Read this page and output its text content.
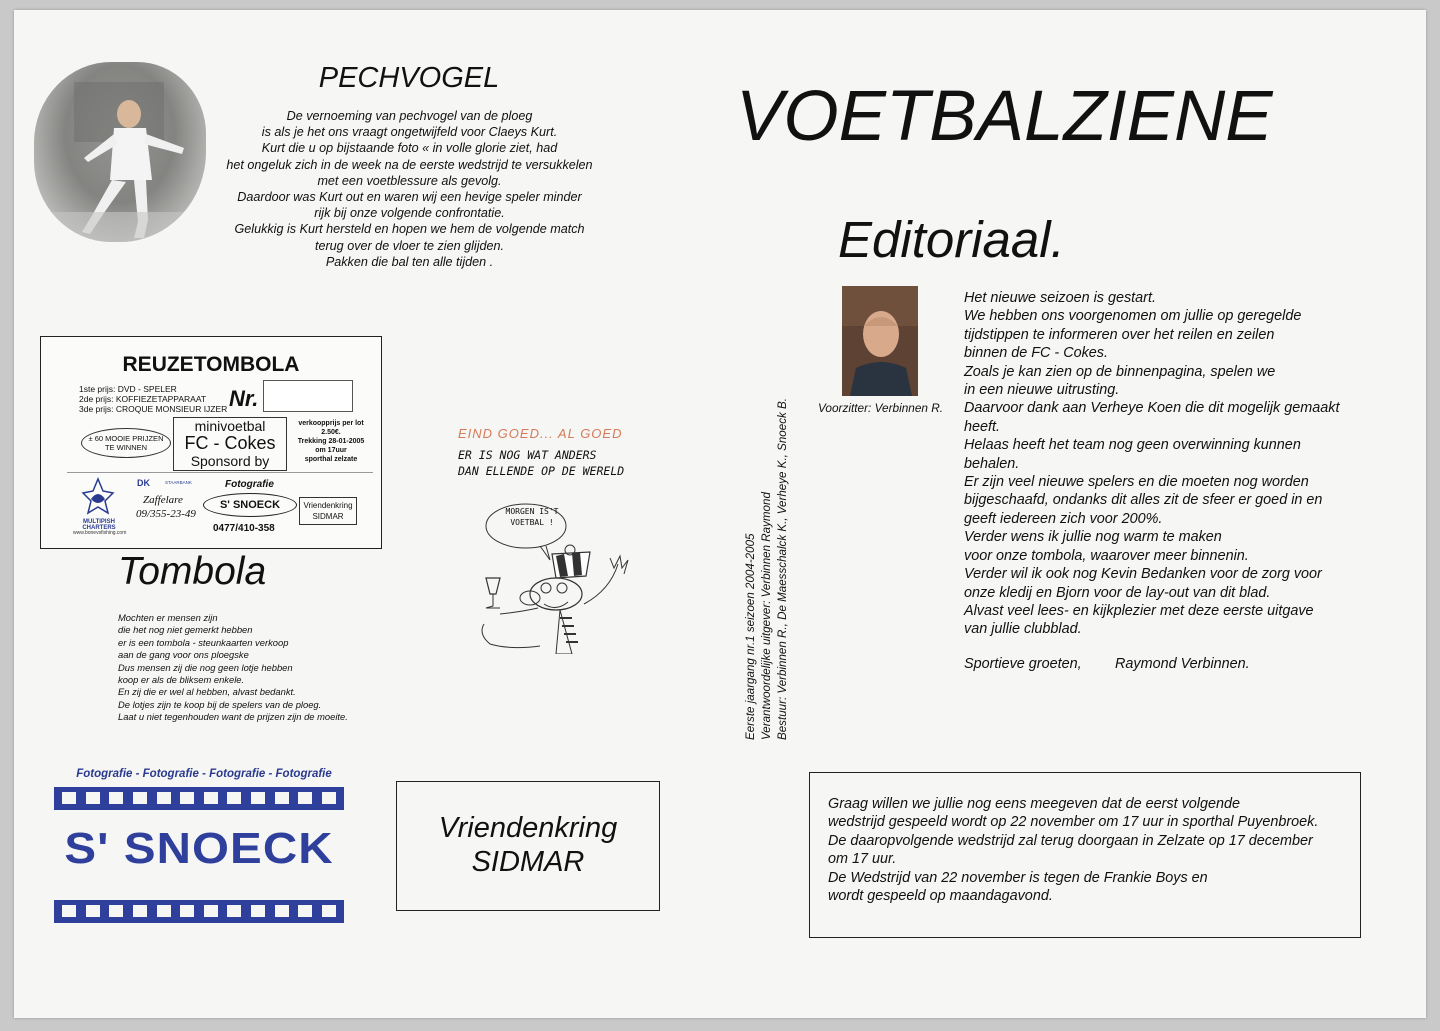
PECHVOGEL
De vernoeming van pechvogel van de ploeg
is als je het ons vraagt ongetwijfeld voor Claeys Kurt.
Kurt die u op bijstaande foto « in volle glorie ziet, had
het ongeluk zich in de week na de eerste wedstrijd te versukkelen
met een voetblessure als gevolg.
Daardoor was Kurt out en waren wij een hevige speler minder
rijk bij onze volgende confrontatie.
Gelukkig is Kurt hersteld en hopen we hem de volgende match
terug over de vloer te zien glijden.
Pakken die bal ten alle tijden .
REUZETOMBOLA
1ste prijs: DVD - SPELER
2de prijs: KOFFIEZETAPPARAAT
3de prijs: CROQUE MONSIEUR IJZER Nr.
± 60 MOOIE PRIJZEN
TE WINNEN
minivoetbal
FC - Cokes
Sponsord by
verkoopprijs per lot
2.50€.
Trekking 28-01-2005
om 17uur
sporthal zelzate
MULTIPISH
CHARTERS
www.bonevsfishing.com
DK	STAARBANK
Zaffelare
09/355-23-49
Fotografie
S' SNOECK
0477/410-358
Vriendenkring
SIDMAR
Tombola
Mochten er mensen zijn
die het nog niet gemerkt hebben
er is een tombola - steunkaarten verkoop
aan de gang voor ons ploegske
Dus mensen zij die nog geen lotje hebben
koop er als de bliksem enkele.
En zij die er wel al hebben, alvast bedankt.
De lotjes zijn te koop bij de spelers van de ploeg.
Laat u niet tegenhouden want de prijzen zijn de moeite.
EIND GOED... AL GOED
ER IS NOG WAT ANDERS
DAN ELLENDE OP DE WERELD
MORGEN IS'T
VOETBAL !
Fotografie - Fotografie - Fotografie - Fotografie
S' SNOECK	Vriendenkring
SIDMAR
VOETBALZIENE
Editoriaal.
Voorzitter: Verbinnen R.
Eerste jaargang nr.1 seizoen 2004-2005 Verantwoordelijke uitgever: Verbinnen Raymond Bestuur: Verbinnen R., De Maesschalck K., Verheye K., Snoeck B.
Het nieuwe seizoen is gestart.
We hebben ons voorgenomen om jullie op geregelde
tijdstippen te informeren over het reilen en zeilen
binnen de FC - Cokes.
Zoals je kan zien op de binnenpagina, spelen we
in een nieuwe uitrusting.
Daarvoor dank aan Verheye Koen die dit mogelijk gemaakt
heeft.
Helaas heeft het team nog geen overwinning kunnen
behalen.
Er zijn veel nieuwe spelers en die moeten nog worden
bijgeschaafd, ondanks dit alles zit de sfeer er goed in en
geeft iedereen zich voor 200%.
Verder wens ik jullie nog warm te maken
voor onze tombola, waarover meer binnenin.
Verder wil ik ook nog Kevin Bedanken voor de zorg voor
onze kledij en Bjorn voor de lay-out van dit blad.
Alvast veel lees- en kijkplezier met deze eerste uitgave
van jullie clubblad.
Sportieve groeten, Raymond Verbinnen.
Graag willen we jullie nog eens meegeven dat de eerst volgende
wedstrijd gespeeld wordt op 22 november om 17 uur in sporthal Puyenbroek.
De daaropvolgende wedstrijd zal terug doorgaan in Zelzate op 17 december
om 17 uur.
De Wedstrijd van 22 november is tegen de Frankie Boys en
wordt gespeeld op maandagavond.
